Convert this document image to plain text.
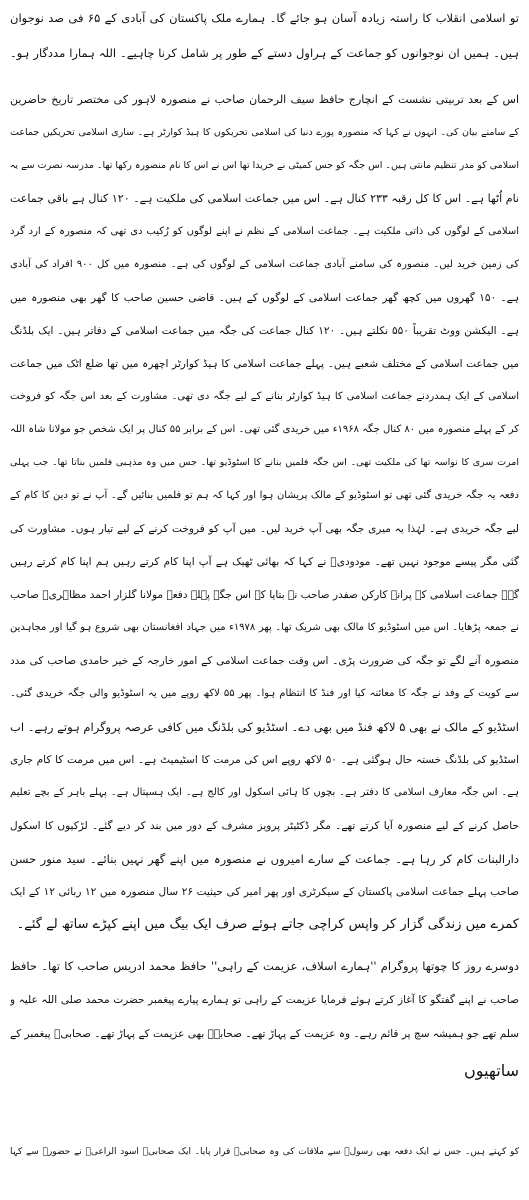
تو اسلامی انقلاب کا راستہ زیادہ آسان ہو جائے گا۔ ہمارے ملک پاکستان کی آبادی کے ۶۵ فی صد نوجوان
ہیں۔ ہمیں ان نوجوانوں کو جماعت کے ہراول دستے کے طور پر شامل کرنا چاہیے۔ اللہ ہمارا مددگار ہو۔
اس کے بعد تربیتی نشست کے انچارج حافظ سیف الرحمان صاحب نے منصورہ لاہور کی مختصر تاریخ حاضرین
کے سامنے بیان کی۔ انہوں نے کہا کہ منصورہ پورے دنیا کی اسلامی تحریکوں کا ہیڈ کوارٹر ہے۔ ساری اسلامی تحریکیں جماعت
اسلامی کو مدر تنظیم مانتی ہیں۔ اس جگہ کو جس کمیٹی نے خریدا تھا اس نے اس کا نام منصورہ رکھا تھا۔ مدرسہ نصرت سے یہ
نام اُٹھا ہے۔ اس کا کل رقبہ ۲۳۳ کنال ہے۔ اس میں جماعت اسلامی کی ملکیت ہے۔ ۱۲۰ کنال ہے باقی جماعت
اسلامی کے لوگوں کی ذاتی ملکیت ہے۔ جماعت اسلامی کے نظم نے اپنے لوگوں کو رُکیب دی تھی کہ منصورہ کے ارد گرد
کی زمین خرید لیں۔ منصورہ کی سامنے آبادی جماعت اسلامی کے لوگوں کی ہے۔ منصورہ میں کل ۹۰۰ افراد کی آبادی
ہے۔ ۱۵۰ گھروں میں کچھ گھر جماعت اسلامی کے لوگوں کے ہیں۔ قاضی حسین صاحب کا گھر بھی منصورہ میں
ہے۔ الیکشن ووٹ تقریباً ۵۵۰ نکلتے ہیں۔ ۱۲۰ کنال جماعت کی جگہ میں جماعت اسلامی کے دفاتر ہیں۔ ایک بلڈنگ
میں جماعت اسلامی کے مختلف شعبے ہیں۔ پہلے جماعت اسلامی کا ہیڈ کوارٹر اچھرہ میں تھا ضلع اٹک میں جماعت
اسلامی کے ایک ہمدردنے جماعت اسلامی کا ہیڈ کوارٹر بنانے کے لیے جگہ دی تھی۔ مشاورت کے بعد اس جگہ کو فروخت
کر کے پہلے منصورہ میں ۸۰ کنال جگہ ۱۹۶۸ء میں خریدی گئی تھی۔ اس کے برابر ۵۵ کنال پر ایک شخص جو مولانا شاہ اللہ
امرت سری کا نواسہ تھا کی ملکیت تھی۔ اس جگہ فلمیں بنانے کا اسٹوڈیو تھا۔ جس میں وہ مذہبی فلمیں بناتا تھا۔ جب پہلی
دفعہ یہ جگہ خریدی گئی تھی تو اسٹوڈیو کے مالک پریشان ہوا اور کہا کہ ہم تو فلمیں بنائیں گے۔ آپ نے تو دین کا کام کے
لیے جگہ خریدی ہے۔ لہٰذا یہ میری جگہ بھی آپ خرید لیں۔ میں آپ کو فروخت کرنے کے لیے تیار ہوں۔ مشاورت کی
گئی مگر پیسے موجود نہیں تھے۔ مودودیؒ نے کہا کہ بھائی ٹھیک ہے آپ اپنا کام کرتے رہیں ہم اپنا کام کرتے رہیں
گے۔ جماعت اسلامی کے پرانے کارکن صفدر صاحب نے بتایا کہ اس جگہ پہلے دفعہ مولانا گلزار احمد مظاہریؒ صاحب
نے جمعہ پڑھایا۔ اس میں اسٹوڈیو کا مالک بھی شریک تھا۔ پھر ۱۹۷۸ء میں جہاد افغانستان بھی شروع ہو گیا اور مجاہدین
منصورہ آنے لگے تو جگہ کی ضرورت پڑی۔ اس وقت جماعت اسلامی کے امور خارجہ کے خیر حامدی صاحب کی مدد
سے کویت کے وفد نے جگہ کا معائنہ کیا اور فنڈ کا انتظام ہوا۔ پھر ۵۵ لاکھ روپے میں یہ اسٹوڈیو والی جگہ خریدی گئی۔
اسٹڈیو کے مالک نے بھی ۵ لاکھ فنڈ میں بھی دے۔ اسٹڈیو کی بلڈنگ میں کافی عرصہ پروگرام ہوتے رہے۔ اب
اسٹڈیو کی بلڈنگ خستہ حال ہوگئی ہے۔ ۵۰ لاکھ روپے اس کی مرمت کا اسٹیمیٹ ہے۔ اس میں مرمت کا کام جاری
ہے۔ اس جگہ معارف اسلامی کا دفتر ہے۔ بچوں کا ہائی اسکول اور کالج ہے۔ ایک ہسپتال ہے۔ پہلے باہر کے بچے تعلیم
حاصل کرنے کے لیے منصورہ آیا کرتے تھے۔ مگر ڈکٹیٹر پرویز مشرف کے دور میں بند کر دیے گئے۔ لڑکیوں کا اسکول
دارالبنات کام کر رہا ہے۔ جماعت کے سارے امیروں نے منصورہ میں اپنے گھر نہیں بنائے۔ سید منور حسن
صاحب پہلے جماعت اسلامی پاکستان کے سیکرٹری اور پھر امیر کی حیثیت ۲۶ سال منصورہ میں ۱۲ ربائی ۱۲ کے ایک
کمرے میں زندگی گزار کر واپس کراچی جاتے ہوئے صرف ایک بیگ میں اپنے کپڑے ساتھ لے گئے۔
دوسرے روز کا چوتھا پروگرام ''ہمارے اسلاف، عزیمت کے راہی'' حافظ محمد ادریس صاحب کا تھا۔ حافظ
صاحب نے اپنے گفتگو کا آغاز کرتے ہوئے فرمایا عزیمت کے راہی تو ہمارے پیارے پیغمبر حضرت محمد صلی اللہ علیہ و
سلم تھے جو ہمیشہ سچ پر قائم رہے۔ وہ عزیمت کے پہاڑ تھے۔ صحابہؓ بھی عزیمت کے پہاڑ تھے۔ صحابیؓ پیغمبر کے
ساتھیوں
کو کہتے ہیں۔ جس نے ایک دفعہ بھی رسولؐ سے ملاقات کی وہ صحابیؓ قرار پایا۔ ایک صحابیؓ اسود الراعیؓ نے حضورؐ سے کہا
